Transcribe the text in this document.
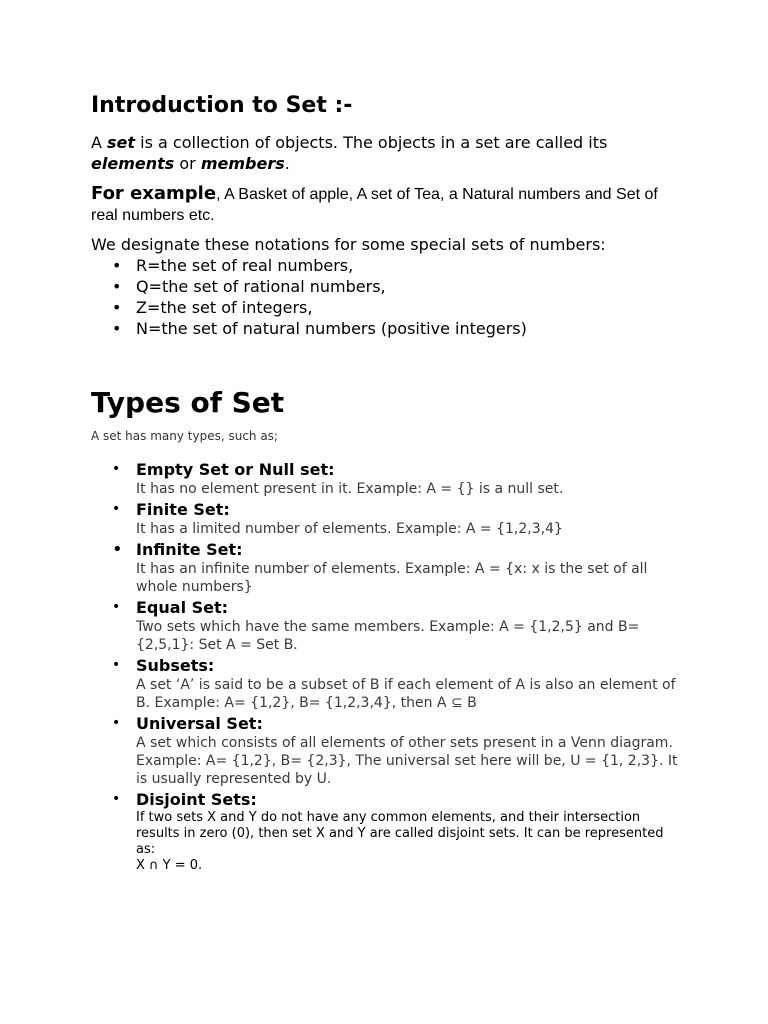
Introduction to Set :-

A set is a collection of objects. The objects in a set are called its elements or members.

For example, A Basket of apple, A set of Tea, a Natural numbers and Set of real numbers etc.

We designate these notations for some special sets of numbers:

• R=the set of real numbers,
• Q=the set of rational numbers,
• Z=the set of integers,
• N=the set of natural numbers (positive integers)
Types of Set

A set has many types, such as;

• Empty Set or Null set:
It has no element present in it. Example: A = {} is a null set.
• Finite Set:
It has a limited number of elements. Example: A = {1,2,3,4}
• Infinite Set:
It has an infinite number of elements. Example: A = {x: x is the set of all whole numbers}
• Equal Set:
Two sets which have the same members. Example: A = {1,2,5} and B= {2,5,1}: Set A = Set B.
• Subsets:
A set ‘A’ is said to be a subset of B if each element of A is also an element of B. Example: A= {1,2}, B= {1,2,3,4}, then A ⊆ B
• Universal Set:
A set which consists of all elements of other sets present in a Venn diagram. Example: A= {1,2}, B= {2,3}, The universal set here will be, U = {1, 2,3}. It is usually represented by U.
• Disjoint Sets:
If two sets X and Y do not have any common elements, and their intersection results in zero (0), then set X and Y are called disjoint sets. It can be represented as:
X ∩ Y = 0.
